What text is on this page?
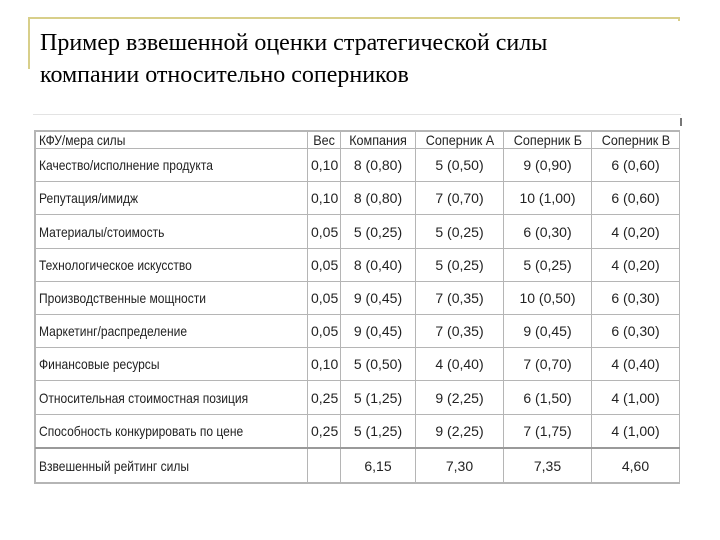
Пример взвешенной оценки стратегической силы
компании относительно соперников
КФУ/мера силы	Вес	Компания	Соперник А	Соперник Б	Соперник В
Качество/исполнение продукта	0,10	8 (0,80)	5 (0,50)	9 (0,90)	6 (0,60)
Репутация/имидж	0,10	8 (0,80)	7 (0,70)	10 (1,00)	6 (0,60)
Материалы/стоимость	0,05	5 (0,25)	5 (0,25)	6 (0,30)	4 (0,20)
Технологическое искусство	0,05	8 (0,40)	5 (0,25)	5 (0,25)	4 (0,20)
Производственные мощности	0,05	9 (0,45)	7 (0,35)	10 (0,50)	6 (0,30)
Маркетинг/распределение	0,05	9 (0,45)	7 (0,35)	9 (0,45)	6 (0,30)
Финансовые ресурсы	0,10	5 (0,50)	4 (0,40)	7 (0,70)	4 (0,40)
Относительная стоимостная позиция	0,25	5 (1,25)	9 (2,25)	6 (1,50)	4 (1,00)
Способность конкурировать по цене	0,25	5 (1,25)	9 (2,25)	7 (1,75)	4 (1,00)
Взвешенный рейтинг силы		6,15	7,30	7,35	4,60
